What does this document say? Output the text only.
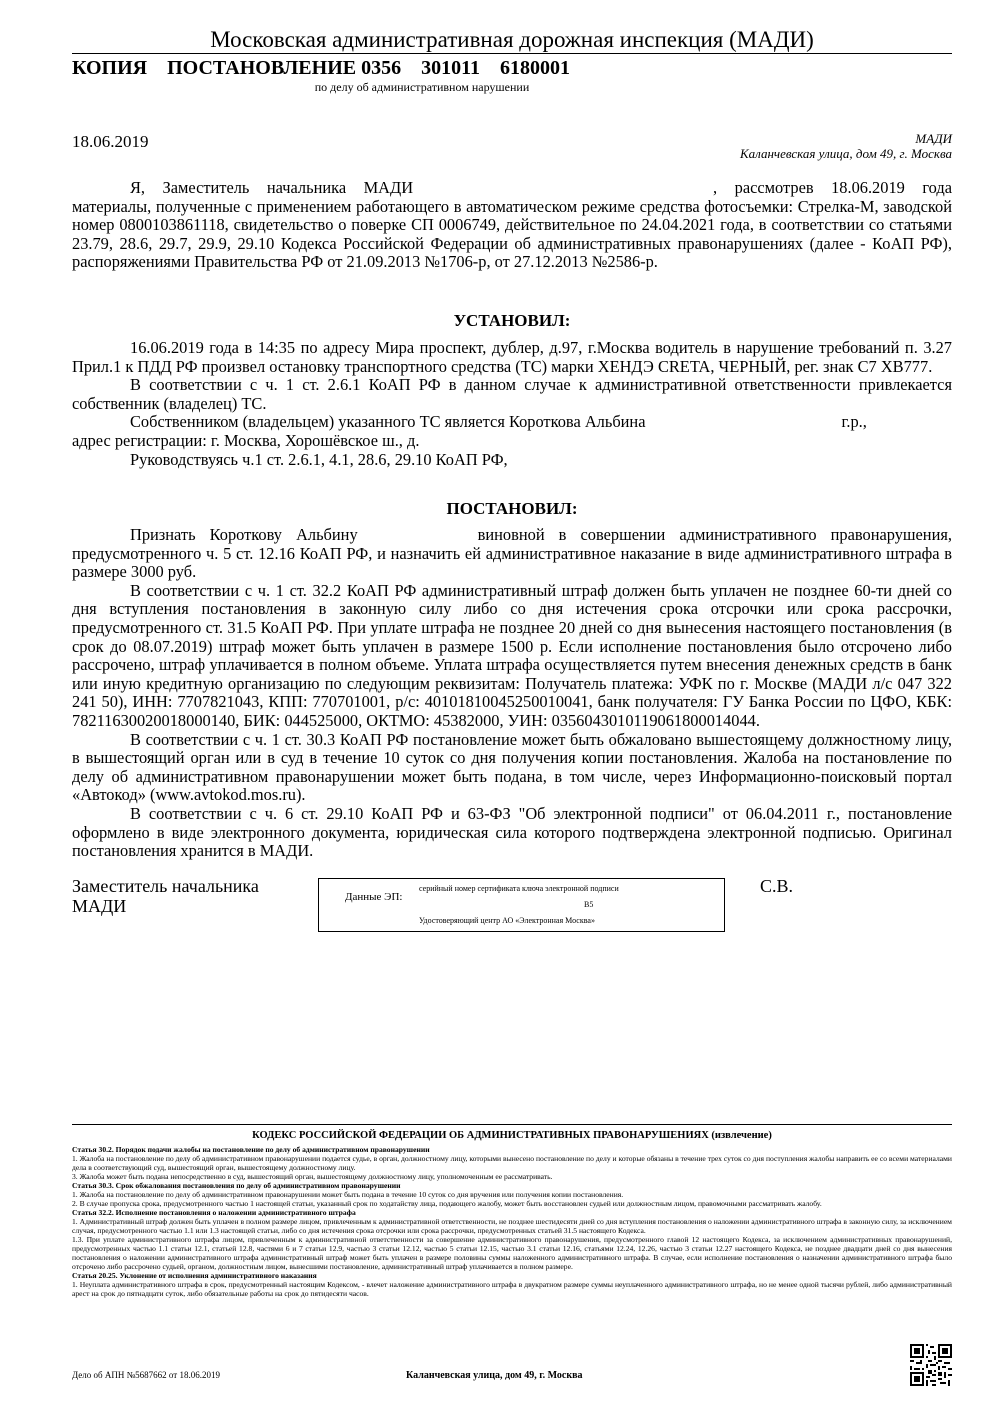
Московская административная дорожная инспекция (МАДИ)
КОПИЯ ПОСТАНОВЛЕНИЕ 0356 301011 6180001
по делу об административном нарушении
18.06.2019	МАДИ
Каланчевская улица, дом 49, г. Москва

Я, Заместитель начальника МАДИ	, рассмотрев 18.06.2019 года материалы, полученные с применением работающего в автоматическом режиме средства фотосъемки: Стрелка-М, заводской номер 0800103861118, свидетельство о поверке СП 0006749, действительное по 24.04.2021 года, в соответствии со статьями 23.79, 28.6, 29.7, 29.9, 29.10 Кодекса Российской Федерации об административных правонарушениях (далее - КоАП РФ), распоряжениями Правительства РФ от 21.09.2013 №1706-р, от 27.12.2013 №2586-р.

УСТАНОВИЛ:

16.06.2019 года в 14:35 по адресу Мира проспект, дублер, д.97, г.Москва водитель в нарушение требований п. 3.27 Прил.1 к ПДД РФ произвел остановку транспортного средства (ТС) марки ХЕНДЭ CRETA, ЧЕРНЫЙ, рег. знак С7 ХВ777.

В соответствии с ч. 1 ст. 2.6.1 КоАП РФ в данном случае к административной ответственности привлекается собственник (владелец) ТС.

Собственником (владельцем) указанного ТС является Короткова Альбина	г.р.,

адрес регистрации: г. Москва, Хорошёвское ш., д.

Руководствуясь ч.1 ст. 2.6.1, 4.1, 28.6, 29.10 КоАП РФ,

ПОСТАНОВИЛ:

Признать Короткову Альбину	виновной в совершении административного правонарушения, предусмотренного ч. 5 ст. 12.16 КоАП РФ, и назначить ей административное наказание в виде административного штрафа в размере 3000 руб.

В соответствии с ч. 1 ст. 32.2 КоАП РФ административный штраф должен быть уплачен не позднее 60-ти дней со дня вступления постановления в законную силу либо со дня истечения срока отсрочки или срока рассрочки, предусмотренного ст. 31.5 КоАП РФ. При уплате штрафа не позднее 20 дней со дня вынесения настоящего постановления (в срок до 08.07.2019) штраф может быть уплачен в размере 1500 р. Если исполнение постановления было отсрочено либо рассрочено, штраф уплачивается в полном объеме. Уплата штрафа осуществляется путем внесения денежных средств в банк или иную кредитную организацию по следующим реквизитам: Получатель платежа: УФК по г. Москве (МАДИ л/с 047 322 241 50), ИНН: 7707821043, КПП: 770701001, р/с: 40101810045250010041, банк получателя: ГУ Банка России по ЦФО, КБК: 78211630020018000140, БИК: 044525000, ОКТМО: 45382000, УИН: 0356043010119061800014044.

В соответствии с ч. 1 ст. 30.3 КоАП РФ постановление может быть обжаловано вышестоящему должностному лицу, в вышестоящий орган или в суд в течение 10 суток со дня получения копии постановления. Жалоба на постановление по делу об административном правонарушении может быть подана, в том числе, через Информационно-поисковый портал «Автокод» (www.avtokod.mos.ru).

В соответствии с ч. 6 ст. 29.10 КоАП РФ и 63-ФЗ "Об электронной подписи" от 06.04.2011 г., постановление оформлено в виде электронного документа, юридическая сила которого подтверждена электронной подписью. Оригинал постановления хранится в МАДИ.

Заместитель начальника
МАДИ	Данные ЭП:
серийный номер сертификата ключа электронной подписи
B5
Удостоверяющий центр АО «Электронная Москва»
С.В.
КОДЕКС РОССИЙСКОЙ ФЕДЕРАЦИИ ОБ АДМИНИСТРАТИВНЫХ ПРАВОНАРУШЕНИЯХ (извлечение)

Статья 30.2. Порядок подачи жалобы на постановление по делу об административном правонарушении

1. Жалоба на постановление по делу об административном правонарушении подается судье, в орган, должностному лицу, которыми вынесено постановление по делу и которые обязаны в течение трех суток со дня поступления жалобы направить ее со всеми материалами дела в соответствующий суд, вышестоящий орган, вышестоящему должностному лицу.

3. Жалоба может быть подана непосредственно в суд, вышестоящий орган, вышестоящему должностному лицу, уполномоченным ее рассматривать.

Статья 30.3. Срок обжалования постановления по делу об административном правонарушении

1. Жалоба на постановление по делу об административном правонарушении может быть подана в течение 10 суток со дня вручения или получения копии постановления.

2. В случае пропуска срока, предусмотренного частью 1 настоящей статьи, указанный срок по ходатайству лица, подающего жалобу, может быть восстановлен судьей или должностным лицом, правомочными рассматривать жалобу.

Статья 32.2. Исполнение постановления о наложении административного штрафа

1. Административный штраф должен быть уплачен в полном размере лицом, привлеченным к административной ответственности, не позднее шестидесяти дней со дня вступления постановления о наложении административного штрафа в законную силу, за исключением случая, предусмотренного частью 1.1 или 1.3 настоящей статьи, либо со дня истечения срока отсрочки или срока рассрочки, предусмотренных статьей 31.5 настоящего Кодекса.

1.3. При уплате административного штрафа лицом, привлеченным к административной ответственности за совершение административного правонарушения, предусмотренного главой 12 настоящего Кодекса, за исключением административных правонарушений, предусмотренных частью 1.1 статьи 12.1, статьей 12.8, частями 6 и 7 статьи 12.9, частью 3 статьи 12.12, частью 5 статьи 12.15, частью 3.1 статьи 12.16, статьями 12.24, 12.26, частью 3 статьи 12.27 настоящего Кодекса, не позднее двадцати дней со дня вынесения постановления о наложении административного штрафа административный штраф может быть уплачен в размере половины суммы наложенного административного штрафа. В случае, если исполнение постановления о назначении административного штрафа было отсрочено либо рассрочено судьей, органом, должностным лицом, вынесшими постановление, административный штраф уплачивается в полном размере.

Статья 20.25. Уклонение от исполнения административного наказания

1. Неуплата административного штрафа в срок, предусмотренный настоящим Кодексом, - влечет наложение административного штрафа в двукратном размере суммы неуплаченного административного штрафа, но не менее одной тысячи рублей, либо административный арест на срок до пятнадцати суток, либо обязательные работы на срок до пятидесяти часов.

Дело об АПН №5687662 от 18.06.2019	Каланчевская улица, дом 49, г. Москва
